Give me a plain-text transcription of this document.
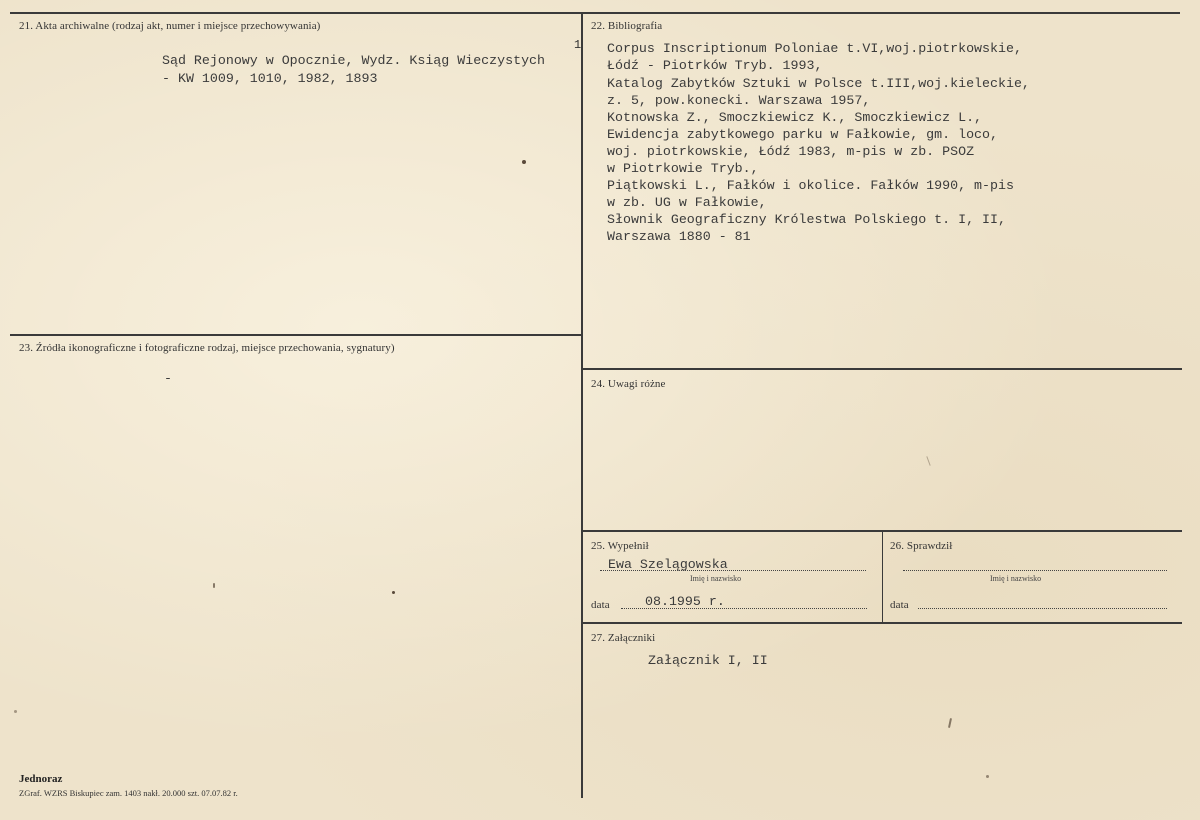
21. Akta archiwalne (rodzaj akt, numer i miejsce przechowywania)
Sąd Rejonowy w Opocznie, Wydz. Ksiąg Wieczystych
- KW 1009, 1010, 1982, 1893
1
22. Bibliografia
Corpus Inscriptionum Poloniae t.VI,woj.piotrkowskie,
Łódź - Piotrków Tryb. 1993,
Katalog Zabytków Sztuki w Polsce t.III,woj.kieleckie,
z. 5, pow.konecki. Warszawa 1957,
Kotnowska Z., Smoczkiewicz K., Smoczkiewicz L.,
Ewidencja zabytkowego parku w Fałkowie, gm. loco,
woj. piotrkowskie, Łódź 1983, m-pis w zb. PSOZ
w Piotrkowie Tryb.,
Piątkowski L., Fałków i okolice. Fałków 1990, m-pis
w zb. UG w Fałkowie,
Słownik Geograficzny Królestwa Polskiego t. I, II,
Warszawa 1880 - 81
23. Źródła ikonograficzne i fotograficzne rodzaj, miejsce przechowania, sygnatury)
-	24. Uwagi różne
25. Wypełnił
Ewa Szelągowska
Imię i nazwisko
data	08.1995 r.
26. Sprawdził
Imię i nazwisko
data
27. Załączniki
Załącznik I, II
Jednoraz
ZGraf. WZRS Biskupiec zam. 1403 nakł. 20.000 szt. 07.07.82 r.
